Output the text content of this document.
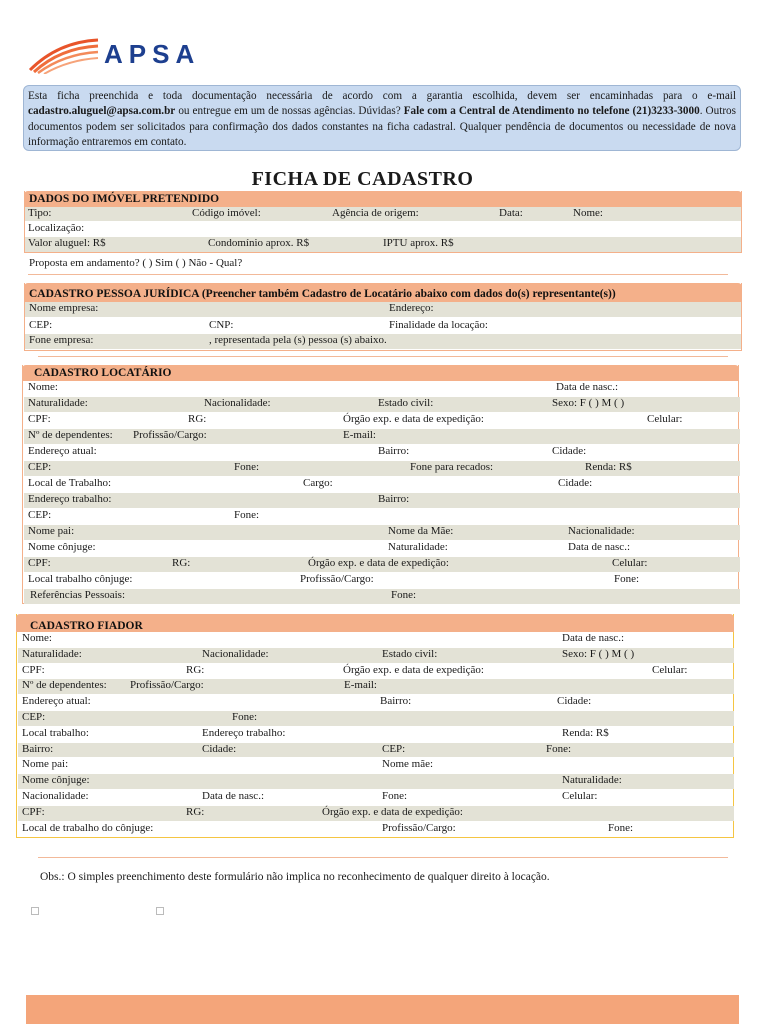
APSA
Esta ficha preenchida e toda documentação necessária de acordo com a garantia escolhida, devem ser encaminhadas para o e-mail cadastro.aluguel@apsa.com.br ou entregue em um de nossas agências. Dúvidas? Fale com a Central de Atendimento no telefone (21)3233-3000. Outros documentos podem ser solicitados para confirmação dos dados constantes na ficha cadastral. Qualquer pendência de documentos ou necessidade de nova informação entraremos em contato.
FICHA DE CADASTRO
DADOS DO IMÓVEL PRETENDIDO
Tipo:	Código imóvel:	Agência de origem:	Data:	Nome:
Localização:
Valor aluguel: R$	Condomínio aprox. R$	IPTU aprox. R$
Proposta em andamento? ( ) Sim ( ) Não - Qual?
CADASTRO PESSOA JURÍDICA (Preencher também Cadastro de Locatário abaixo com dados do(s) representante(s))
Nome empresa:	Endereço:
CEP:	CNP:	Finalidade da locação:
Fone empresa:	, representada pela (s) pessoa (s) abaixo.
CADASTRO LOCATÁRIO
Nome:	Data de nasc.:
Naturalidade:	Nacionalidade:	Estado civil:	Sexo: F ( ) M ( )
CPF:	RG:	Órgão exp. e data de expedição:	Celular:
Nº de dependentes: Profissão/Cargo:	E-mail:
Endereço atual:	Bairro:	Cidade:
CEP:	Fone:	Fone para recados:	Renda: R$
Local de Trabalho:	Cargo:	Cidade:
Endereço trabalho:	Bairro:
CEP:	Fone:
Nome pai:	Nome da Mãe:	Nacionalidade:
Nome cônjuge:	Naturalidade:	Data de nasc.:
CPF:	RG:	Órgão exp. e data de expedição:	Celular:
Local trabalho cônjuge:	Profissão/Cargo:	Fone:
Referências Pessoais:	Fone:
CADASTRO FIADOR
Nome:	Data de nasc.:
Naturalidade:	Nacionalidade:	Estado civil:	Sexo: F ( ) M ( )
CPF:	RG:	Órgão exp. e data de expedição:	Celular:
Nº de dependentes: Profissão/Cargo:	E-mail:
Endereço atual:	Bairro:	Cidade:
CEP:	Fone:
Local trabalho:	Endereço trabalho:	Renda: R$
Bairro:	Cidade:	CEP:	Fone:
Nome pai:	Nome mãe:
Nome cônjuge:	Naturalidade:
Nacionalidade:	Data de nasc.:	Fone:	Celular:
CPF:	RG:	Órgão exp. e data de expedição:
Local de trabalho do cônjuge:	Profissão/Cargo:	Fone:
Obs.: O simples preenchimento deste formulário não implica no reconhecimento de qualquer direito à locação.
